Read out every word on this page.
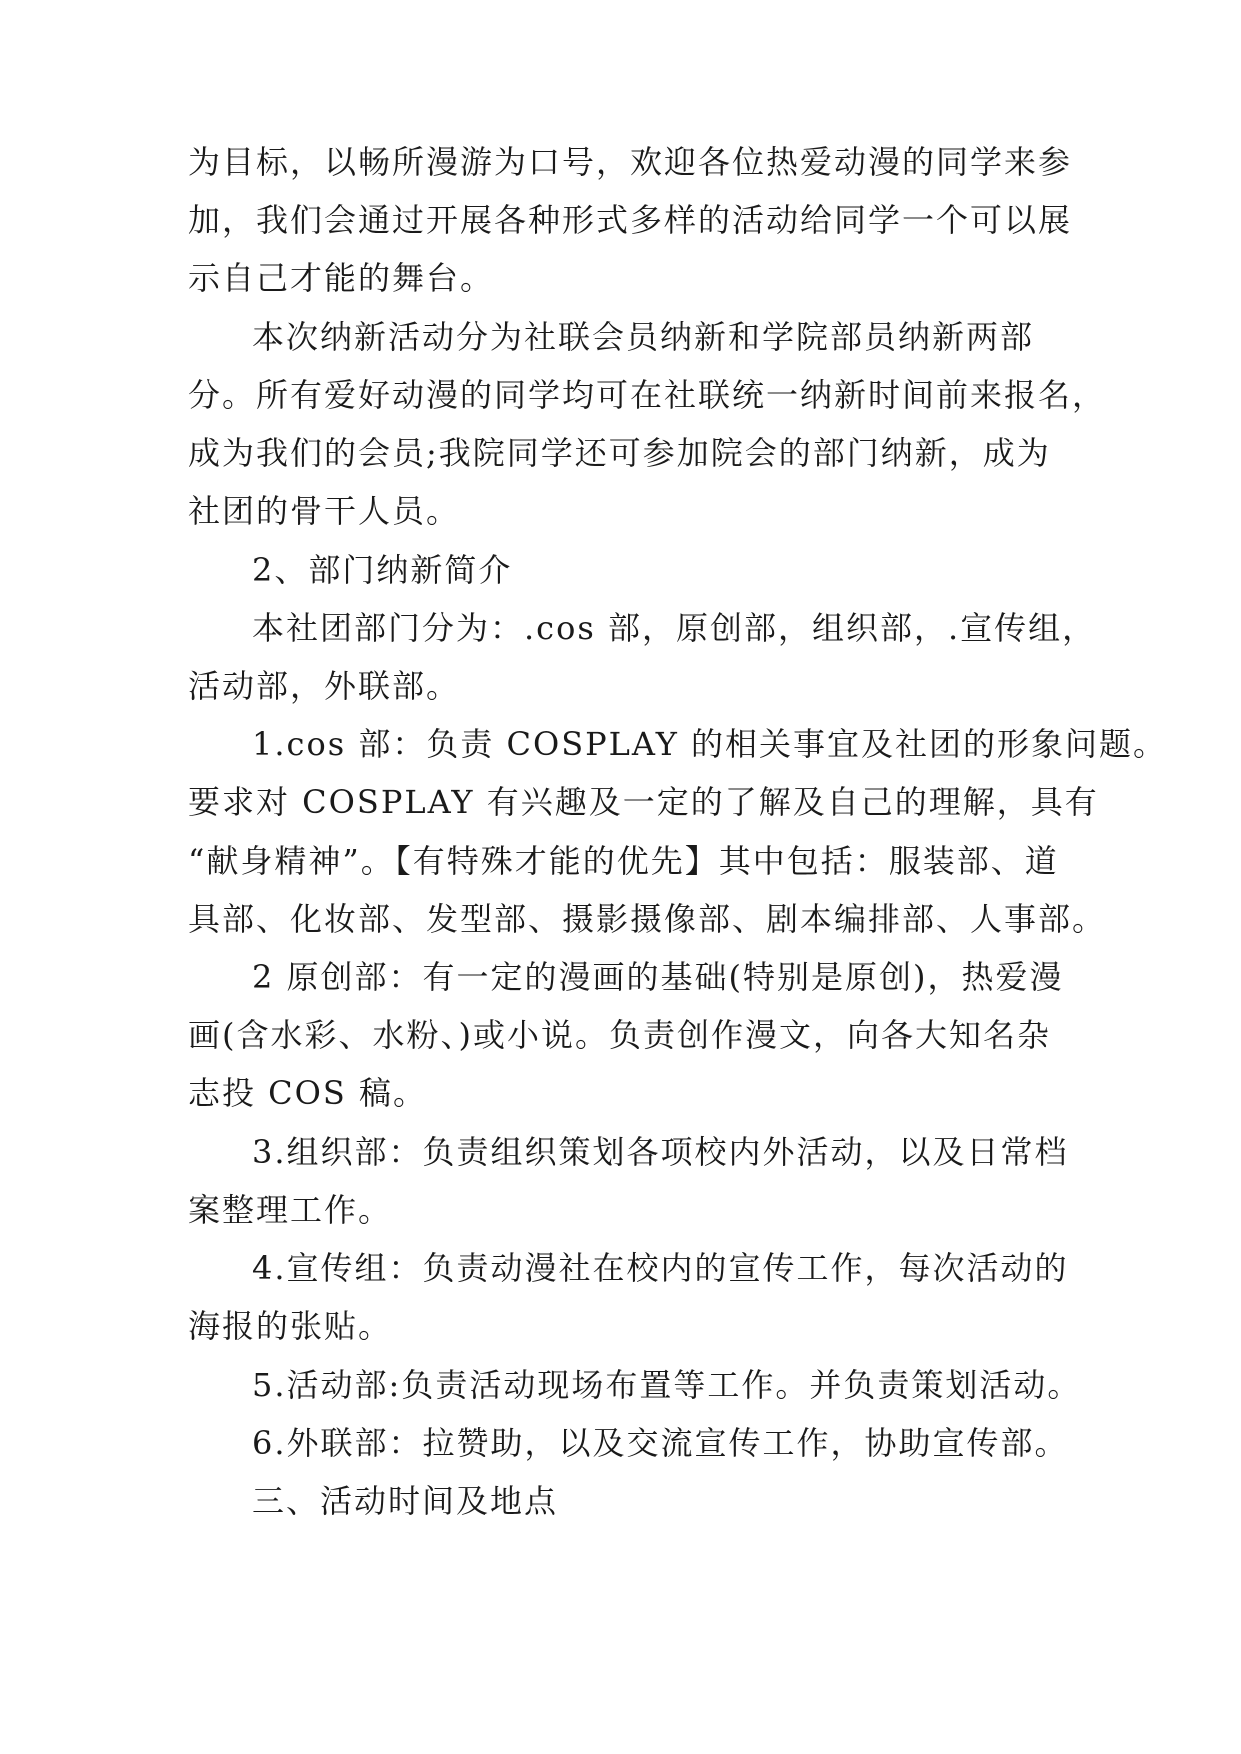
为目标，以畅所漫游为口号，欢迎各位热爱动漫的同学来参
加，我们会通过开展各种形式多样的活动给同学一个可以展
示自己才能的舞台。
本次纳新活动分为社联会员纳新和学院部员纳新两部
分。所有爱好动漫的同学均可在社联统一纳新时间前来报名，
成为我们的会员;我院同学还可参加院会的部门纳新，成为
社团的骨干人员。
2、部门纳新简介
本社团部门分为：.cos 部，原创部，组织部，.宣传组，
活动部，外联部。
1.cos 部：负责 COSPLAY 的相关事宜及社团的形象问题。
要求对 COSPLAY 有兴趣及一定的了解及自己的理解，具有
“献身精神”。【有特殊才能的优先】其中包括：服装部、道
具部、化妆部、发型部、摄影摄像部、剧本编排部、人事部。
2 原创部：有一定的漫画的基础(特别是原创)，热爱漫
画(含水彩、水粉、)或小说。负责创作漫文，向各大知名杂
志投 COS 稿。
3.组织部：负责组织策划各项校内外活动，以及日常档
案整理工作。
4.宣传组：负责动漫社在校内的宣传工作，每次活动的
海报的张贴。
5.活动部:负责活动现场布置等工作。并负责策划活动。
6.外联部：拉赞助，以及交流宣传工作，协助宣传部。
三、活动时间及地点
